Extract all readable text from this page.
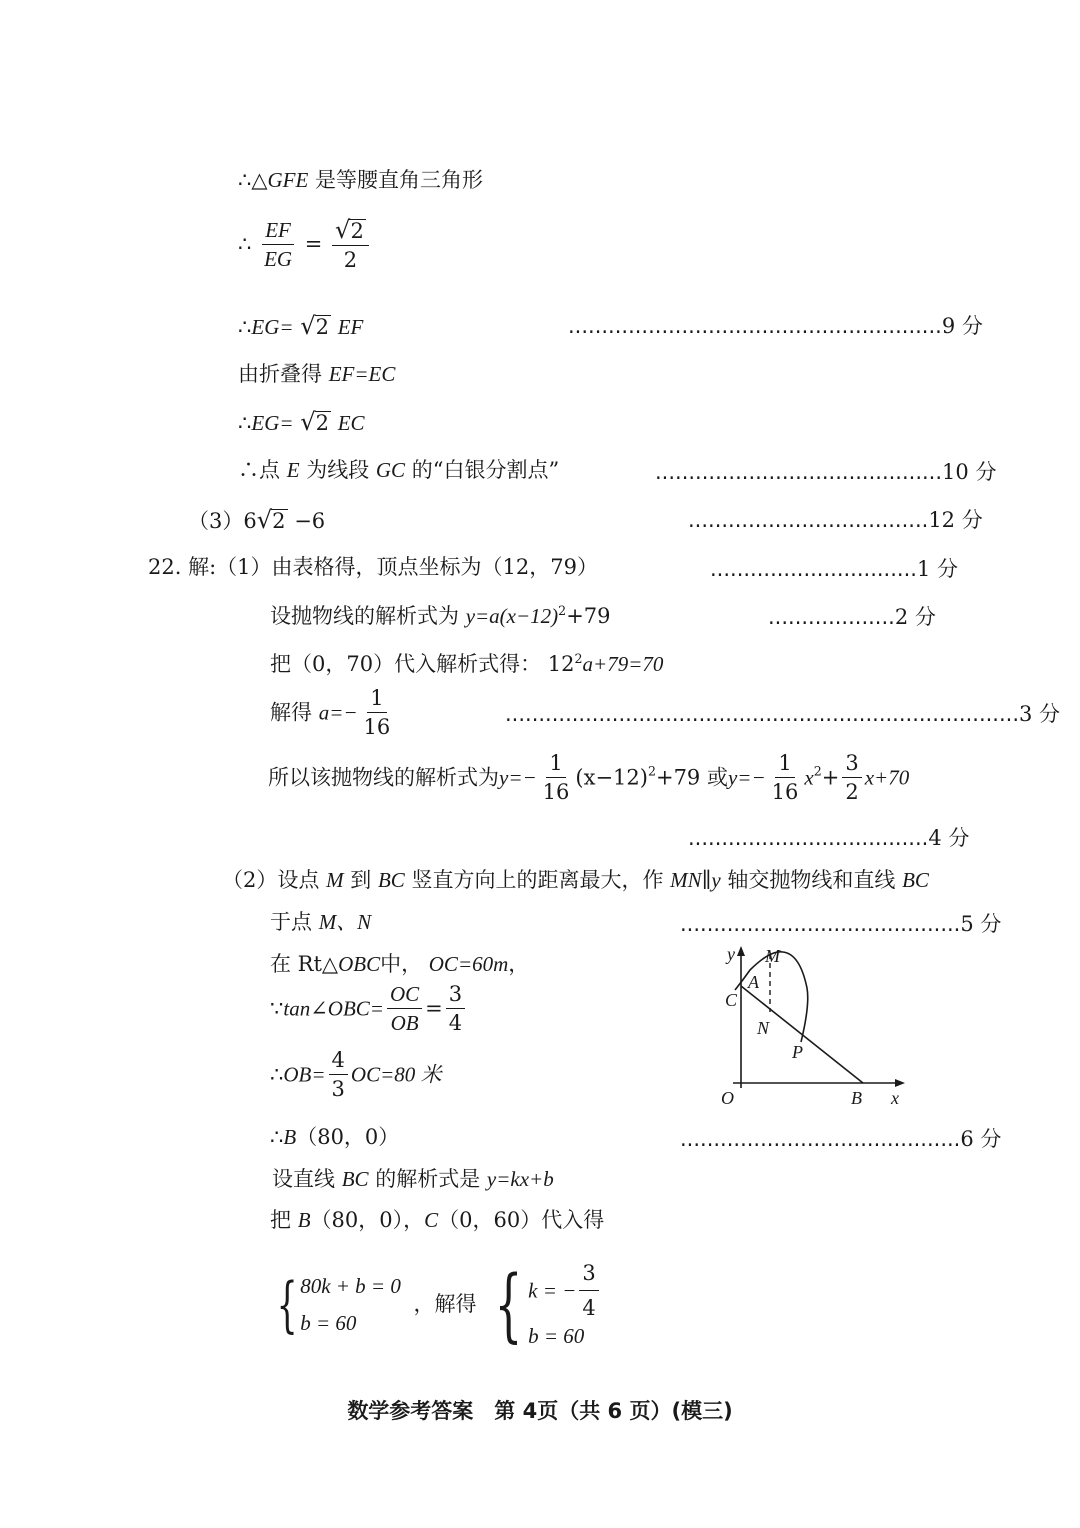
∴△GFE 是等腰直角三角形
∴ $\frac{EF}{EG} = \frac{√2}{2}$
∴EG= √2 EF	........................................................9 分
由折叠得 EF=EC
∴EG= √2 EC
∴点 E 为线段 GC 的“白银分割点”	...........................................10 分
（3）6√2 −6	....................................12 分
22. 解:（1）由表格得，顶点坐标为（12，79）	...............................1 分
设抛物线的解析式为 $y=a(x-12)^2+79$	...................2 分
把（0，70）代入解析式得： $12^2a+79=70$
解得 $a=- \frac{1}{16}$	.............................................................................3 分
所以该抛物线的解析式为$y=- \frac{1}{16} (x-12)^2+79$ 或$y=- \frac{1}{16} x^2+ \frac{3}{2} x+70$
....................................4 分
（2）设点 M 到 BC 竖直方向上的距离最大，作 MN∥y 轴交抛物线和直线 BC
于点 M、N	..........................................5 分
在 Rt△OBC中， OC=60m，
∵tan∠OBC= $\frac{OC}{OB} = \frac{3}{4}$
∴OB= $\frac{4}{3} OC=80$ 米
∴B（80，0）	..........................................6 分
设直线 BC 的解析式是 y=kx+b
把 B（80，0），C（0，60）代入得
{ 80k + b = 0
b = 60 ，解得 { k = − $\frac{3}{4}$

b = 60
y M
A
C
N
P
O	B x
数学参考答案　第 4页（共 6 页）(模三)
